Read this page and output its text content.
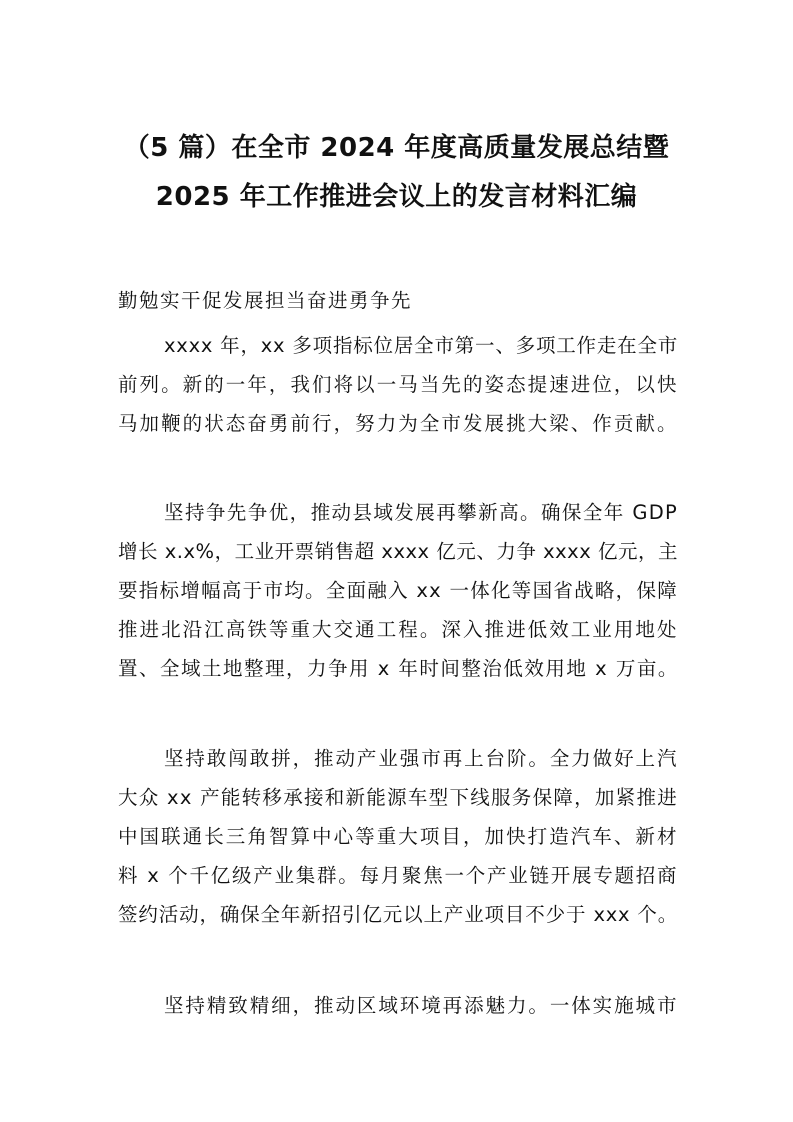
（5 篇）在全市 2024 年度高质量发展总结暨
2025 年工作推进会议上的发言材料汇编
勤勉实干促发展担当奋进勇争先
xxxx 年，xx 多项指标位居全市第一、多项工作走在全市
前列。新的一年，我们将以一马当先的姿态提速进位，以快
马加鞭的状态奋勇前行，努力为全市发展挑大梁、作贡献。
坚持争先争优，推动县域发展再攀新高。确保全年 GDP
增长 x.x%，工业开票销售超 xxxx 亿元、力争 xxxx 亿元，主
要指标增幅高于市均。全面融入 xx 一体化等国省战略，保障
推进北沿江高铁等重大交通工程。深入推进低效工业用地处
置、全域土地整理，力争用 x 年时间整治低效用地 x 万亩。
坚持敢闯敢拼，推动产业强市再上台阶。全力做好上汽
大众 xx 产能转移承接和新能源车型下线服务保障，加紧推进
中国联通长三角智算中心等重大项目，加快打造汽车、新材
料 x 个千亿级产业集群。每月聚焦一个产业链开展专题招商
签约活动，确保全年新招引亿元以上产业项目不少于 xxx 个。
坚持精致精细，推动区域环境再添魅力。一体实施城市
